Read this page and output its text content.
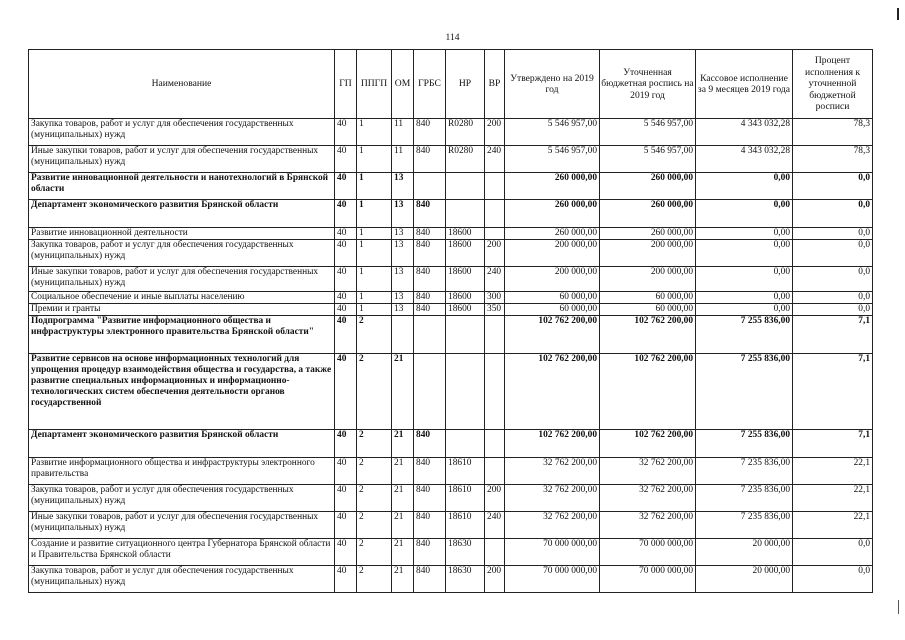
114
Наименование	ГП	ППГП	ОМ	ГРБС	НР	ВР	Утверждено на 2019 год	Уточненная бюджетная роспись на 2019 год	Кассовое исполнение за 9 месяцев 2019 года	Процент исполнения к уточненной бюджетной росписи
Закупка товаров, работ и услуг для обеспечения государственных (муниципальных) нужд	40	1	11	840	R0280	200	5 546 957,00	5 546 957,00	4 343 032,28	78,3
Иные закупки товаров, работ и услуг для обеспечения государственных (муниципальных) нужд	40	1	11	840	R0280	240	5 546 957,00	5 546 957,00	4 343 032,28	78,3
Развитие инновационной деятельности и нанотехнологий в Брянской области	40	1	13				260 000,00	260 000,00	0,00	0,0
Департамент экономического развития Брянской области	40	1	13	840			260 000,00	260 000,00	0,00	0,0
Развитие инновационной деятельности	40	1	13	840	18600		260 000,00	260 000,00	0,00	0,0
Закупка товаров, работ и услуг для обеспечения государственных (муниципальных) нужд	40	1	13	840	18600	200	200 000,00	200 000,00	0,00	0,0
Иные закупки товаров, работ и услуг для обеспечения государственных (муниципальных) нужд	40	1	13	840	18600	240	200 000,00	200 000,00	0,00	0,0
Социальное обеспечение и иные выплаты населению	40	1	13	840	18600	300	60 000,00	60 000,00	0,00	0,0
Премии и гранты	40	1	13	840	18600	350	60 000,00	60 000,00	0,00	0,0
Подпрограмма "Развитие информационного общества и инфраструктуры электронного правительства Брянской области"	40	2					102 762 200,00	102 762 200,00	7 255 836,00	7,1
Развитие сервисов на основе информационных технологий для упрощения процедур взаимодействия общества и государства, а также развитие специальных информационных и информационно-технологических систем обеспечения деятельности органов государственной	40	2	21				102 762 200,00	102 762 200,00	7 255 836,00	7,1
Департамент экономического развития Брянской области	40	2	21	840			102 762 200,00	102 762 200,00	7 255 836,00	7,1
Развитие информационного общества и инфраструктуры электронного правительства	40	2	21	840	18610		32 762 200,00	32 762 200,00	7 235 836,00	22,1
Закупка товаров, работ и услуг для обеспечения государственных (муниципальных) нужд	40	2	21	840	18610	200	32 762 200,00	32 762 200,00	7 235 836,00	22,1
Иные закупки товаров, работ и услуг для обеспечения государственных (муниципальных) нужд	40	2	21	840	18610	240	32 762 200,00	32 762 200,00	7 235 836,00	22,1
Создание и развитие ситуационного центра Губернатора Брянской области и Правительства Брянской области	40	2	21	840	18630		70 000 000,00	70 000 000,00	20 000,00	0,0
Закупка товаров, работ и услуг для обеспечения государственных (муниципальных) нужд	40	2	21	840	18630	200	70 000 000,00	70 000 000,00	20 000,00	0,0
